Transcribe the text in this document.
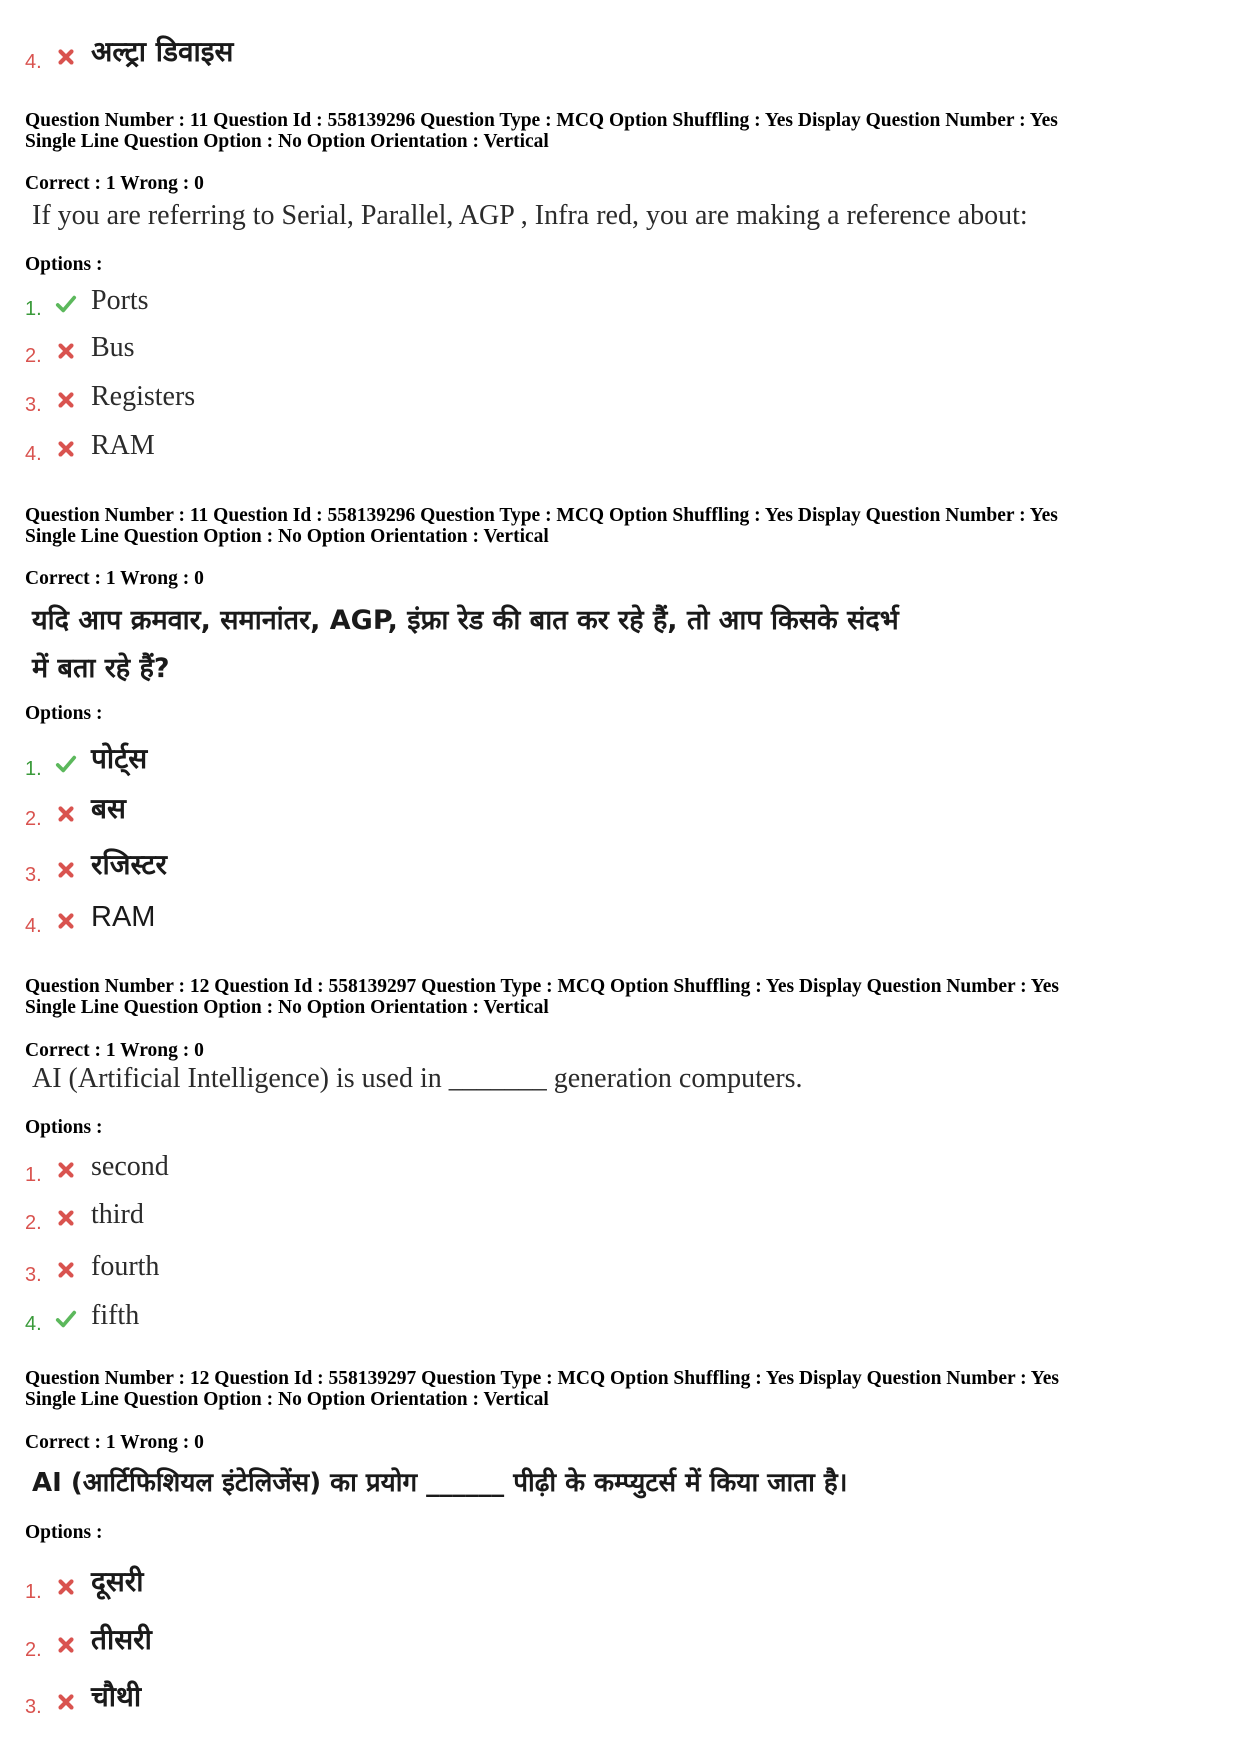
4. अल्ट्रा डिवाइस
Question Number : 11 Question Id : 558139296 Question Type : MCQ Option Shuffling : Yes Display Question Number : Yes
Single Line Question Option : No Option Orientation : Vertical
Correct : 1 Wrong : 0
If you are referring to Serial, Parallel, AGP , Infra red, you are making a reference about:
Options :
1. Ports
2. Bus
3. Registers
4. RAM
Question Number : 11 Question Id : 558139296 Question Type : MCQ Option Shuffling : Yes Display Question Number : Yes
Single Line Question Option : No Option Orientation : Vertical
Correct : 1 Wrong : 0
यदि आप क्रमवार, समानांतर, AGP, इंफ्रा रेड की बात कर रहे हैं, तो आप किसके संदर्भ
में बता रहे हैं?
Options :
1. पोर्ट्स
2. बस
3. रजिस्टर
4. RAM
Question Number : 12 Question Id : 558139297 Question Type : MCQ Option Shuffling : Yes Display Question Number : Yes
Single Line Question Option : No Option Orientation : Vertical
Correct : 1 Wrong : 0
AI (Artificial Intelligence) is used in _______ generation computers.
Options :
1. second
2. third
3. fourth
4. fifth
Question Number : 12 Question Id : 558139297 Question Type : MCQ Option Shuffling : Yes Display Question Number : Yes
Single Line Question Option : No Option Orientation : Vertical
Correct : 1 Wrong : 0
AI (आर्टिफिशियल इंटेलिजेंस) का प्रयोग ______ पीढ़ी के कम्प्युटर्स में किया जाता है।
Options :
1. दूसरी
2. तीसरी
3. चौथी
